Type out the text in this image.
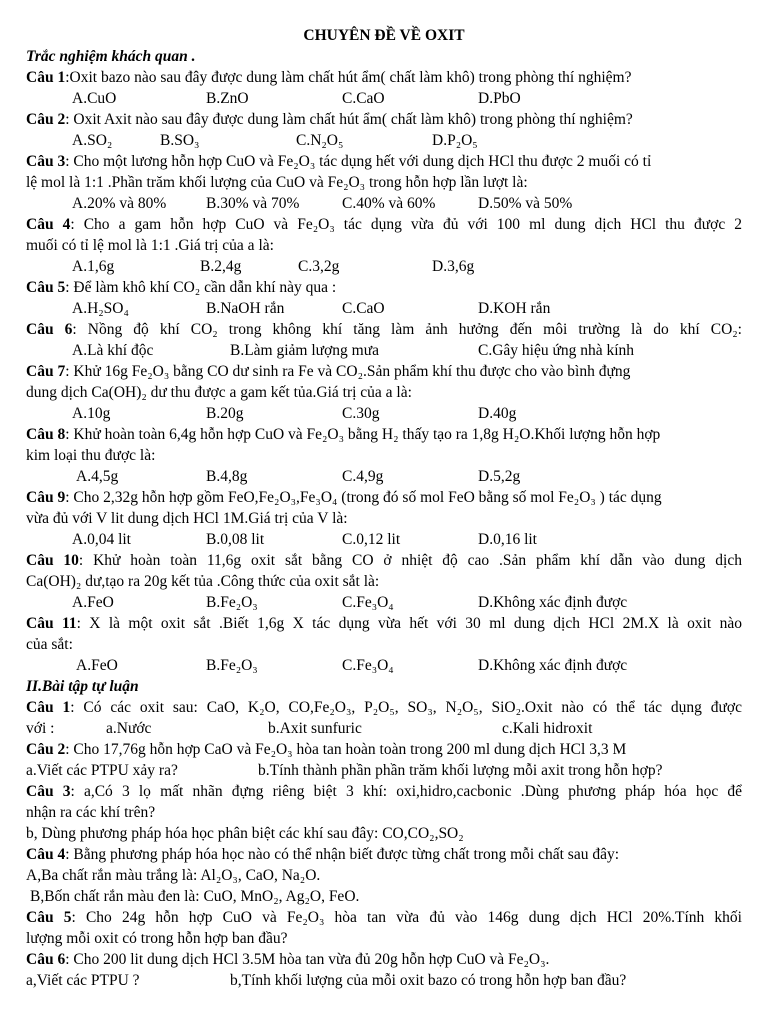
CHUYÊN ĐỀ VỀ OXIT
Trắc nghiệm khách quan .
Câu 1:Oxit bazo nào sau đây được dung làm chất hút ẩm( chất làm khô) trong phòng thí nghiệm?
A.CuO	B.ZnO	C.CaO	D.PbO
Câu 2: Oxit Axit nào sau đây được dung làm chất hút ẩm( chất làm khô) trong phòng thí nghiệm?
A.SO₂	B.SO₃	C.N₂O₅	D.P₂O₅
Câu 3: Cho một lương hỗn hợp CuO và Fe₂O₃ tác dụng hết với dung dịch HCl thu được 2 muối có tỉ
lệ mol là 1:1 .Phần trăm khối lượng của CuO và Fe₂O₃ trong hỗn hợp lần lượt là:
A.20% và 80%	B.30% và 70%	C.40% và 60%	D.50% và 50%
Câu 4: Cho a gam hỗn hợp CuO và Fe₂O₃ tác dụng vừa đủ với 100 ml dung dịch HCl thu được 2
muối có tỉ lệ mol là 1:1 .Giá trị của a là:
A.1,6g	B.2,4g	C.3,2g	D.3,6g
Câu 5: Để làm khô khí CO₂ cần dẫn khí này qua :
A.H₂SO₄	B.NaOH rắn	C.CaO	D.KOH rắn
Câu 6: Nồng độ khí CO₂ trong không khí tăng làm ảnh hưởng đến môi trường là do khí CO₂:
A.Là khí độc	B.Làm giảm lượng mưa	C.Gây hiệu ứng nhà kính
Câu 7: Khử 16g Fe₂O₃ bằng CO dư sinh ra Fe và CO₂.Sản phẩm khí thu được cho vào bình đựng
dung dịch Ca(OH)₂ dư thu được a gam kết tủa.Giá trị của a là:
A.10g	B.20g	C.30g	D.40g
Câu 8: Khử hoàn toàn 6,4g hỗn hợp CuO và Fe₂O₃ bằng H₂ thấy tạo ra 1,8g H₂O.Khối lượng hỗn hợp
kim loại thu được là:
A.4,5g	B.4,8g	C.4,9g	D.5,2g
Câu 9: Cho 2,32g hỗn hợp gồm FeO,Fe₂O₃,Fe₃O₄ (trong đó số mol FeO bằng số mol Fe₂O₃ ) tác dụng
vừa đủ với V lit dung dịch HCl 1M.Giá trị của V là:
A.0,04 lit	B.0,08 lit	C.0,12 lit	D.0,16 lit
Câu 10: Khử hoàn toàn 11,6g oxit sắt bằng CO ở nhiệt độ cao .Sản phẩm khí dẫn vào dung dịch
Ca(OH)₂ dư,tạo ra 20g kết tủa .Công thức của oxit sắt là:
A.FeO	B.Fe₂O₃	C.Fe₃O₄	D.Không xác định được
Câu 11: X là một oxit sắt .Biết 1,6g X tác dụng vừa hết với 30 ml dung dịch HCl 2M.X là oxit nào
của sắt:
A.FeO	B.Fe₂O₃	C.Fe₃O₄	D.Không xác định được
II.Bài tập tự luận
Câu 1: Có các oxit sau: CaO, K₂O, CO,Fe₂O₃, P₂O₅, SO₃, N₂O₅, SiO₂.Oxit nào có thể tác dụng được
với :	a.Nước	b.Axit sunfuric	c.Kali hidroxit
Câu 2: Cho 17,76g hỗn hợp CaO và Fe₂O₃ hòa tan hoàn toàn trong 200 ml dung dịch HCl 3,3 M
a.Viết các PTPU xảy ra?	b.Tính thành phần phần trăm khối lượng mỗi axit trong hỗn hợp?
Câu 3: a,Có 3 lọ mất nhãn đựng riêng biệt 3 khí: oxi,hidro,cacbonic .Dùng phương pháp hóa học để
nhận ra các khí trên?
b, Dùng phương pháp hóa học phân biệt các khí sau đây: CO,CO₂,SO₂
Câu 4: Bằng phương pháp hóa học nào có thể nhận biết được từng chất trong mỗi chất sau đây:
A,Ba chất rắn màu trắng là: Al₂O₃, CaO, Na₂O.
B,Bốn chất rắn màu đen là: CuO, MnO₂, Ag₂O, FeO.
Câu 5: Cho 24g hỗn hợp CuO và Fe₂O₃ hòa tan vừa đủ vào 146g dung dịch HCl 20%.Tính khối
lượng mỗi oxit có trong hỗn hợp ban đầu?
Câu 6: Cho 200 lit dung dịch HCl 3.5M hòa tan vừa đủ 20g hỗn hợp CuO và Fe₂O₃.
a,Viết các PTPU ?	b,Tính khối lượng của mỗi oxit bazo có trong hỗn hợp ban đầu?
